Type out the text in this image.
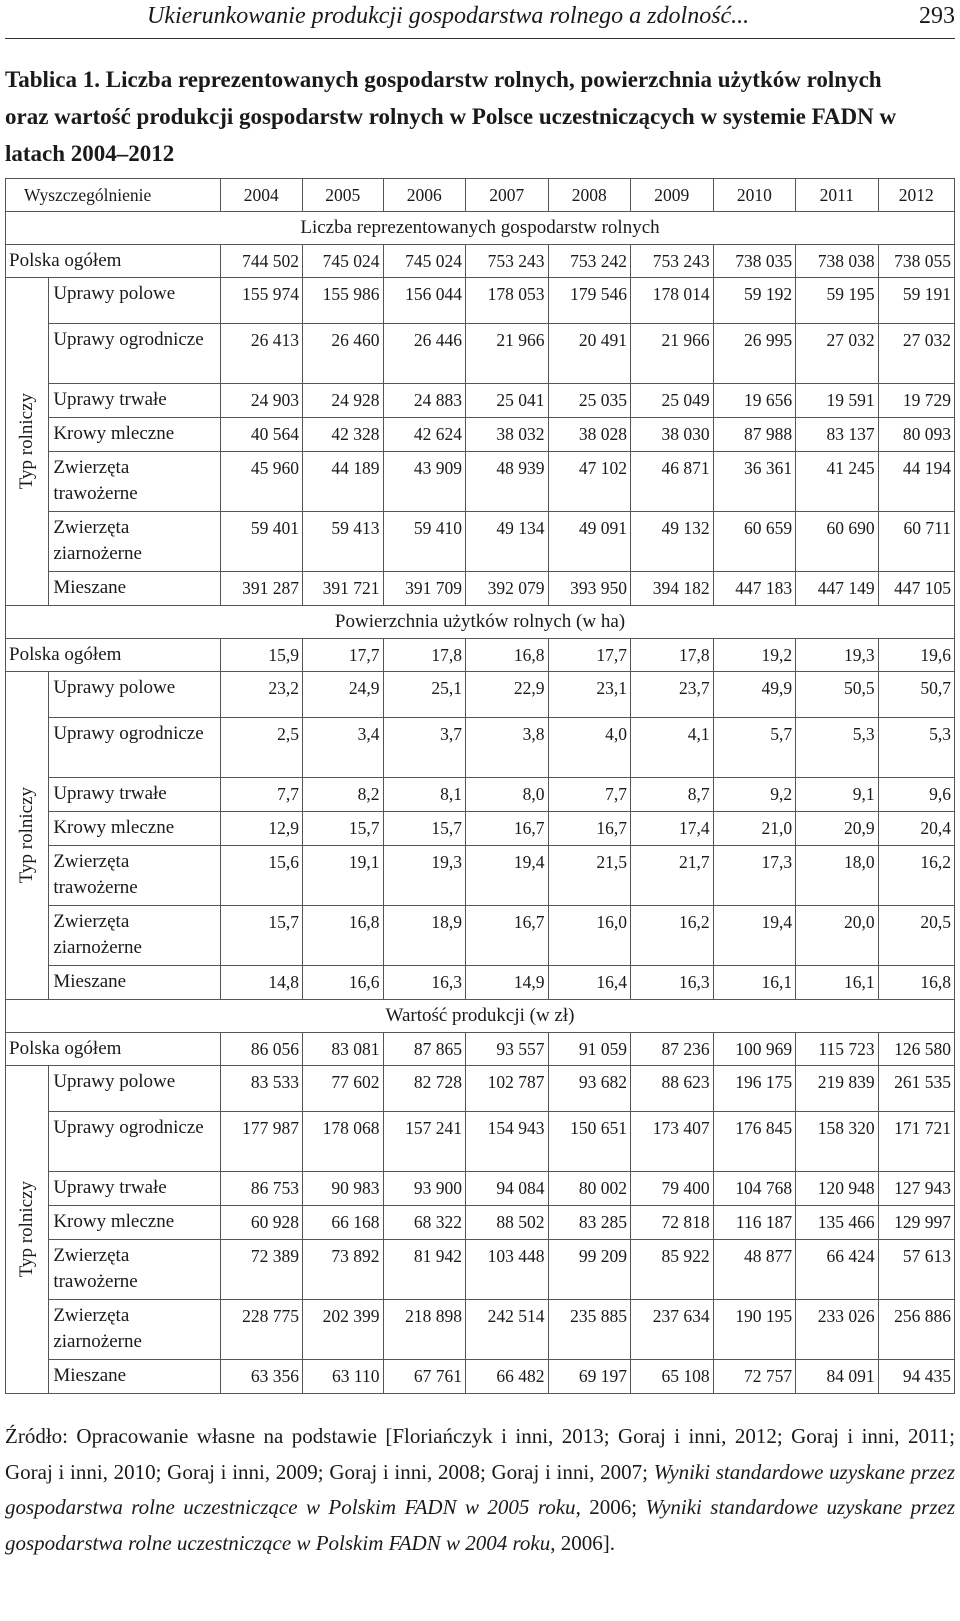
Ukierunkowanie produkcji gospodarstwa rolnego a zdolność...	293
Tablica 1. Liczba reprezentowanych gospodarstw rolnych, powierzchnia użytków rolnych oraz wartość produkcji gospodarstw rolnych w Polsce uczestniczących w systemie FADN w latach 2004–2012
Wyszczególnienie		2004	2005	2006	2007	2008	2009	2010	2011	2012
Liczba reprezentowanych gospodarstw rolnych										
Polska ogółem		744 502	745 024	745 024	753 243	753 242	753 243	738 035	738 038	738 055

Typ rolniczy	Uprawy polowe	155 974	155 986	156 044	178 053	179 546	178 014	59 192	59 195	59 191
	Uprawy ogrodnicze	26 413	26 460	26 446	21 966	20 491	21 966	26 995	27 032	27 032
	Uprawy trwałe	24 903	24 928	24 883	25 041	25 035	25 049	19 656	19 591	19 729
	Krowy mleczne	40 564	42 328	42 624	38 032	38 028	38 030	87 988	83 137	80 093
	Zwierzęta trawożerne	45 960	44 189	43 909	48 939	47 102	46 871	36 361	41 245	44 194
	Zwierzęta ziarnożerne	59 401	59 413	59 410	49 134	49 091	49 132	60 659	60 690	60 711
	Mieszane	391 287	391 721	391 709	392 079	393 950	394 182	447 183	447 149	447 105
Powierzchnia użytków rolnych (w ha)										
Polska ogółem		15,9	17,7	17,8	16,8	17,7	17,8	19,2	19,3	19,6

Typ rolniczy	Uprawy polowe	23,2	24,9	25,1	22,9	23,1	23,7	49,9	50,5	50,7
	Uprawy ogrodnicze	2,5	3,4	3,7	3,8	4,0	4,1	5,7	5,3	5,3
	Uprawy trwałe	7,7	8,2	8,1	8,0	7,7	8,7	9,2	9,1	9,6
	Krowy mleczne	12,9	15,7	15,7	16,7	16,7	17,4	21,0	20,9	20,4
	Zwierzęta trawożerne	15,6	19,1	19,3	19,4	21,5	21,7	17,3	18,0	16,2
	Zwierzęta ziarnożerne	15,7	16,8	18,9	16,7	16,0	16,2	19,4	20,0	20,5
	Mieszane	14,8	16,6	16,3	14,9	16,4	16,3	16,1	16,1	16,8
Wartość produkcji (w zł)										
Polska ogółem		86 056	83 081	87 865	93 557	91 059	87 236	100 969	115 723	126 580

Typ rolniczy	Uprawy polowe	83 533	77 602	82 728	102 787	93 682	88 623	196 175	219 839	261 535
	Uprawy ogrodnicze	177 987	178 068	157 241	154 943	150 651	173 407	176 845	158 320	171 721
	Uprawy trwałe	86 753	90 983	93 900	94 084	80 002	79 400	104 768	120 948	127 943
	Krowy mleczne	60 928	66 168	68 322	88 502	83 285	72 818	116 187	135 466	129 997
	Zwierzęta trawożerne	72 389	73 892	81 942	103 448	99 209	85 922	48 877	66 424	57 613
	Zwierzęta ziarnożerne	228 775	202 399	218 898	242 514	235 885	237 634	190 195	233 026	256 886
	Mieszane	63 356	63 110	67 761	66 482	69 197	65 108	72 757	84 091	94 435
Źródło: Opracowanie własne na podstawie [Floriańczyk i inni, 2013; Goraj i inni, 2012; Goraj i inni, 2011; Goraj i inni, 2010; Goraj i inni, 2009; Goraj i inni, 2008; Goraj i inni, 2007; Wyniki standardowe uzyskane przez gospodarstwa rolne uczestniczące w Polskim FADN w 2005 roku, 2006; Wyniki standardowe uzyskane przez gospodarstwa rolne uczestniczące w Polskim FADN w 2004 roku, 2006].
